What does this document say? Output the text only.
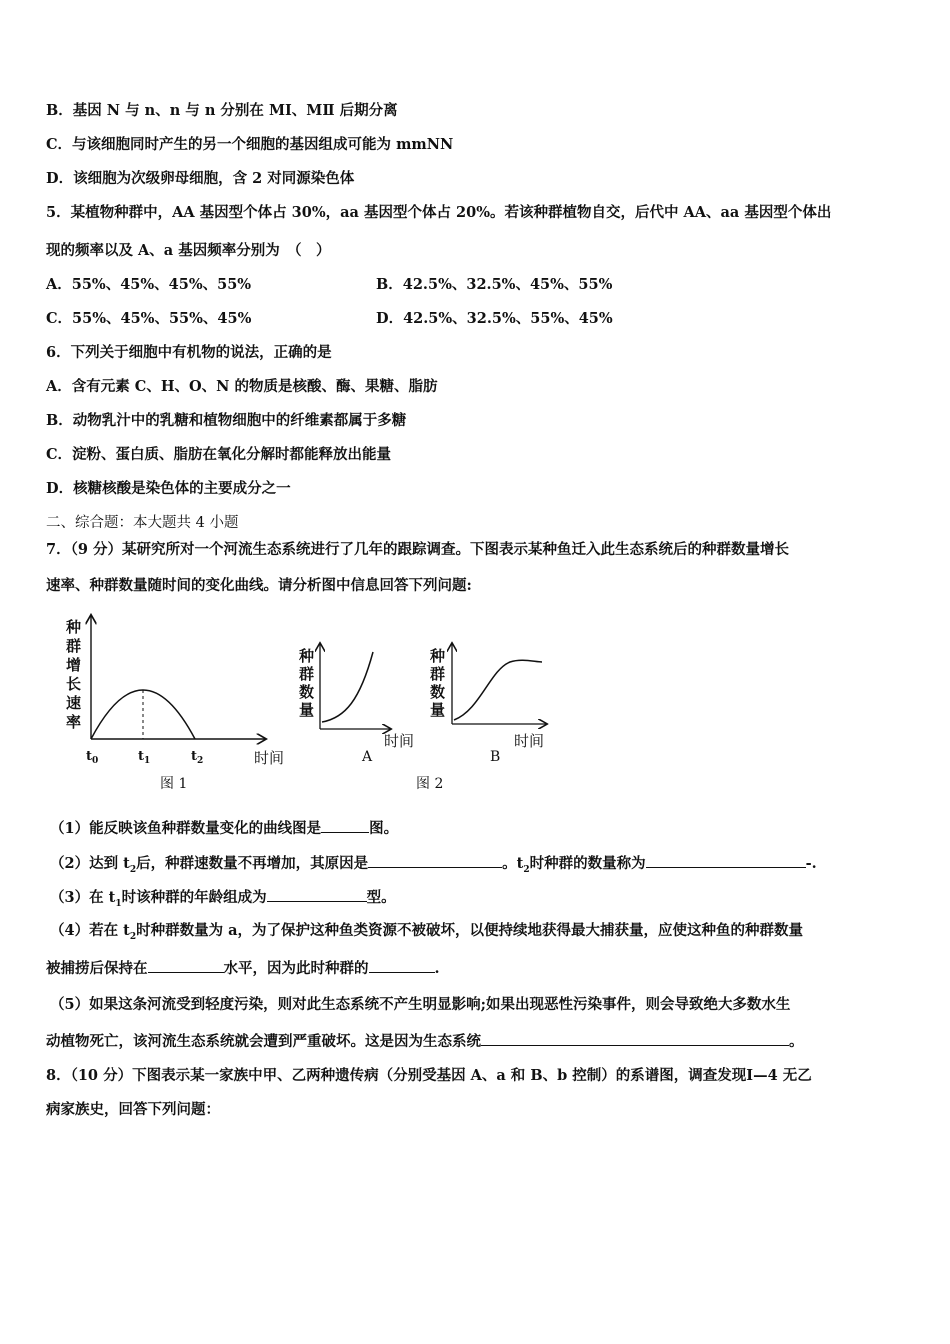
B．基因 N 与 n、n 与 n 分别在 MⅠ、MⅡ 后期分离
C．与该细胞同时产生的另一个细胞的基因组成可能为 mmNN
D．该细胞为次级卵母细胞，含 2 对同源染色体
5．某植物种群中，AA 基因型个体占 30%，aa 基因型个体占 20%。若该种群植物自交，后代中 AA、aa 基因型个体出
现的频率以及 A、a 基因频率分别为　（　）
A．55%、45%、45%、55%	B．42.5%、32.5%、45%、55%
C．55%、45%、55%、45%	D．42.5%、32.5%、55%、45%
6．下列关于细胞中有机物的说法，正确的是
A．含有元素 C、H、O、N 的物质是核酸、酶、果糖、脂肪
B．动物乳汁中的乳糖和植物细胞中的纤维素都属于多糖
C．淀粉、蛋白质、脂肪在氧化分解时都能释放出能量
D．核糖核酸是染色体的主要成分之一
二、综合题：本大题共 4 小题
7．（9 分）某研究所对一个河流生态系统进行了几年的跟踪调查。下图表示某种鱼迁入此生态系统后的种群数量增长
速率、种群数量随时间的变化曲线。请分析图中信息回答下列问题:
种
群
增
长
速
率
$t_0$	$t_1$	$t_2$	时间
图 1
种
群
数
量
时间
A
种
群
数
量
时间
B
图 2
（1）能反映该鱼种群数量变化的曲线图是	图。
（2）达到 $t_2$后，种群速数量不再增加，其原因是	。$t_2$时种群的数量称为	-.
（3）在 $t_1$时该种群的年龄组成为	型。
（4）若在 $t_2$时种群数量为 a，为了保护这种鱼类资源不被破坏，以便持续地获得最大捕获量，应使这种鱼的种群数量
被捕捞后保持在	水平，因为此时种群的	.
（5）如果这条河流受到轻度污染，则对此生态系统不产生明显影响;如果出现恶性污染事件，则会导致绝大多数水生
动植物死亡，该河流生态系统就会遭到严重破坏。这是因为生态系统	。
8．（10 分）下图表示某一家族中甲、乙两种遗传病（分别受基因 A、a 和 B、b 控制）的系谱图，调查发现Ⅰ—4 无乙
病家族史，回答下列问题：
